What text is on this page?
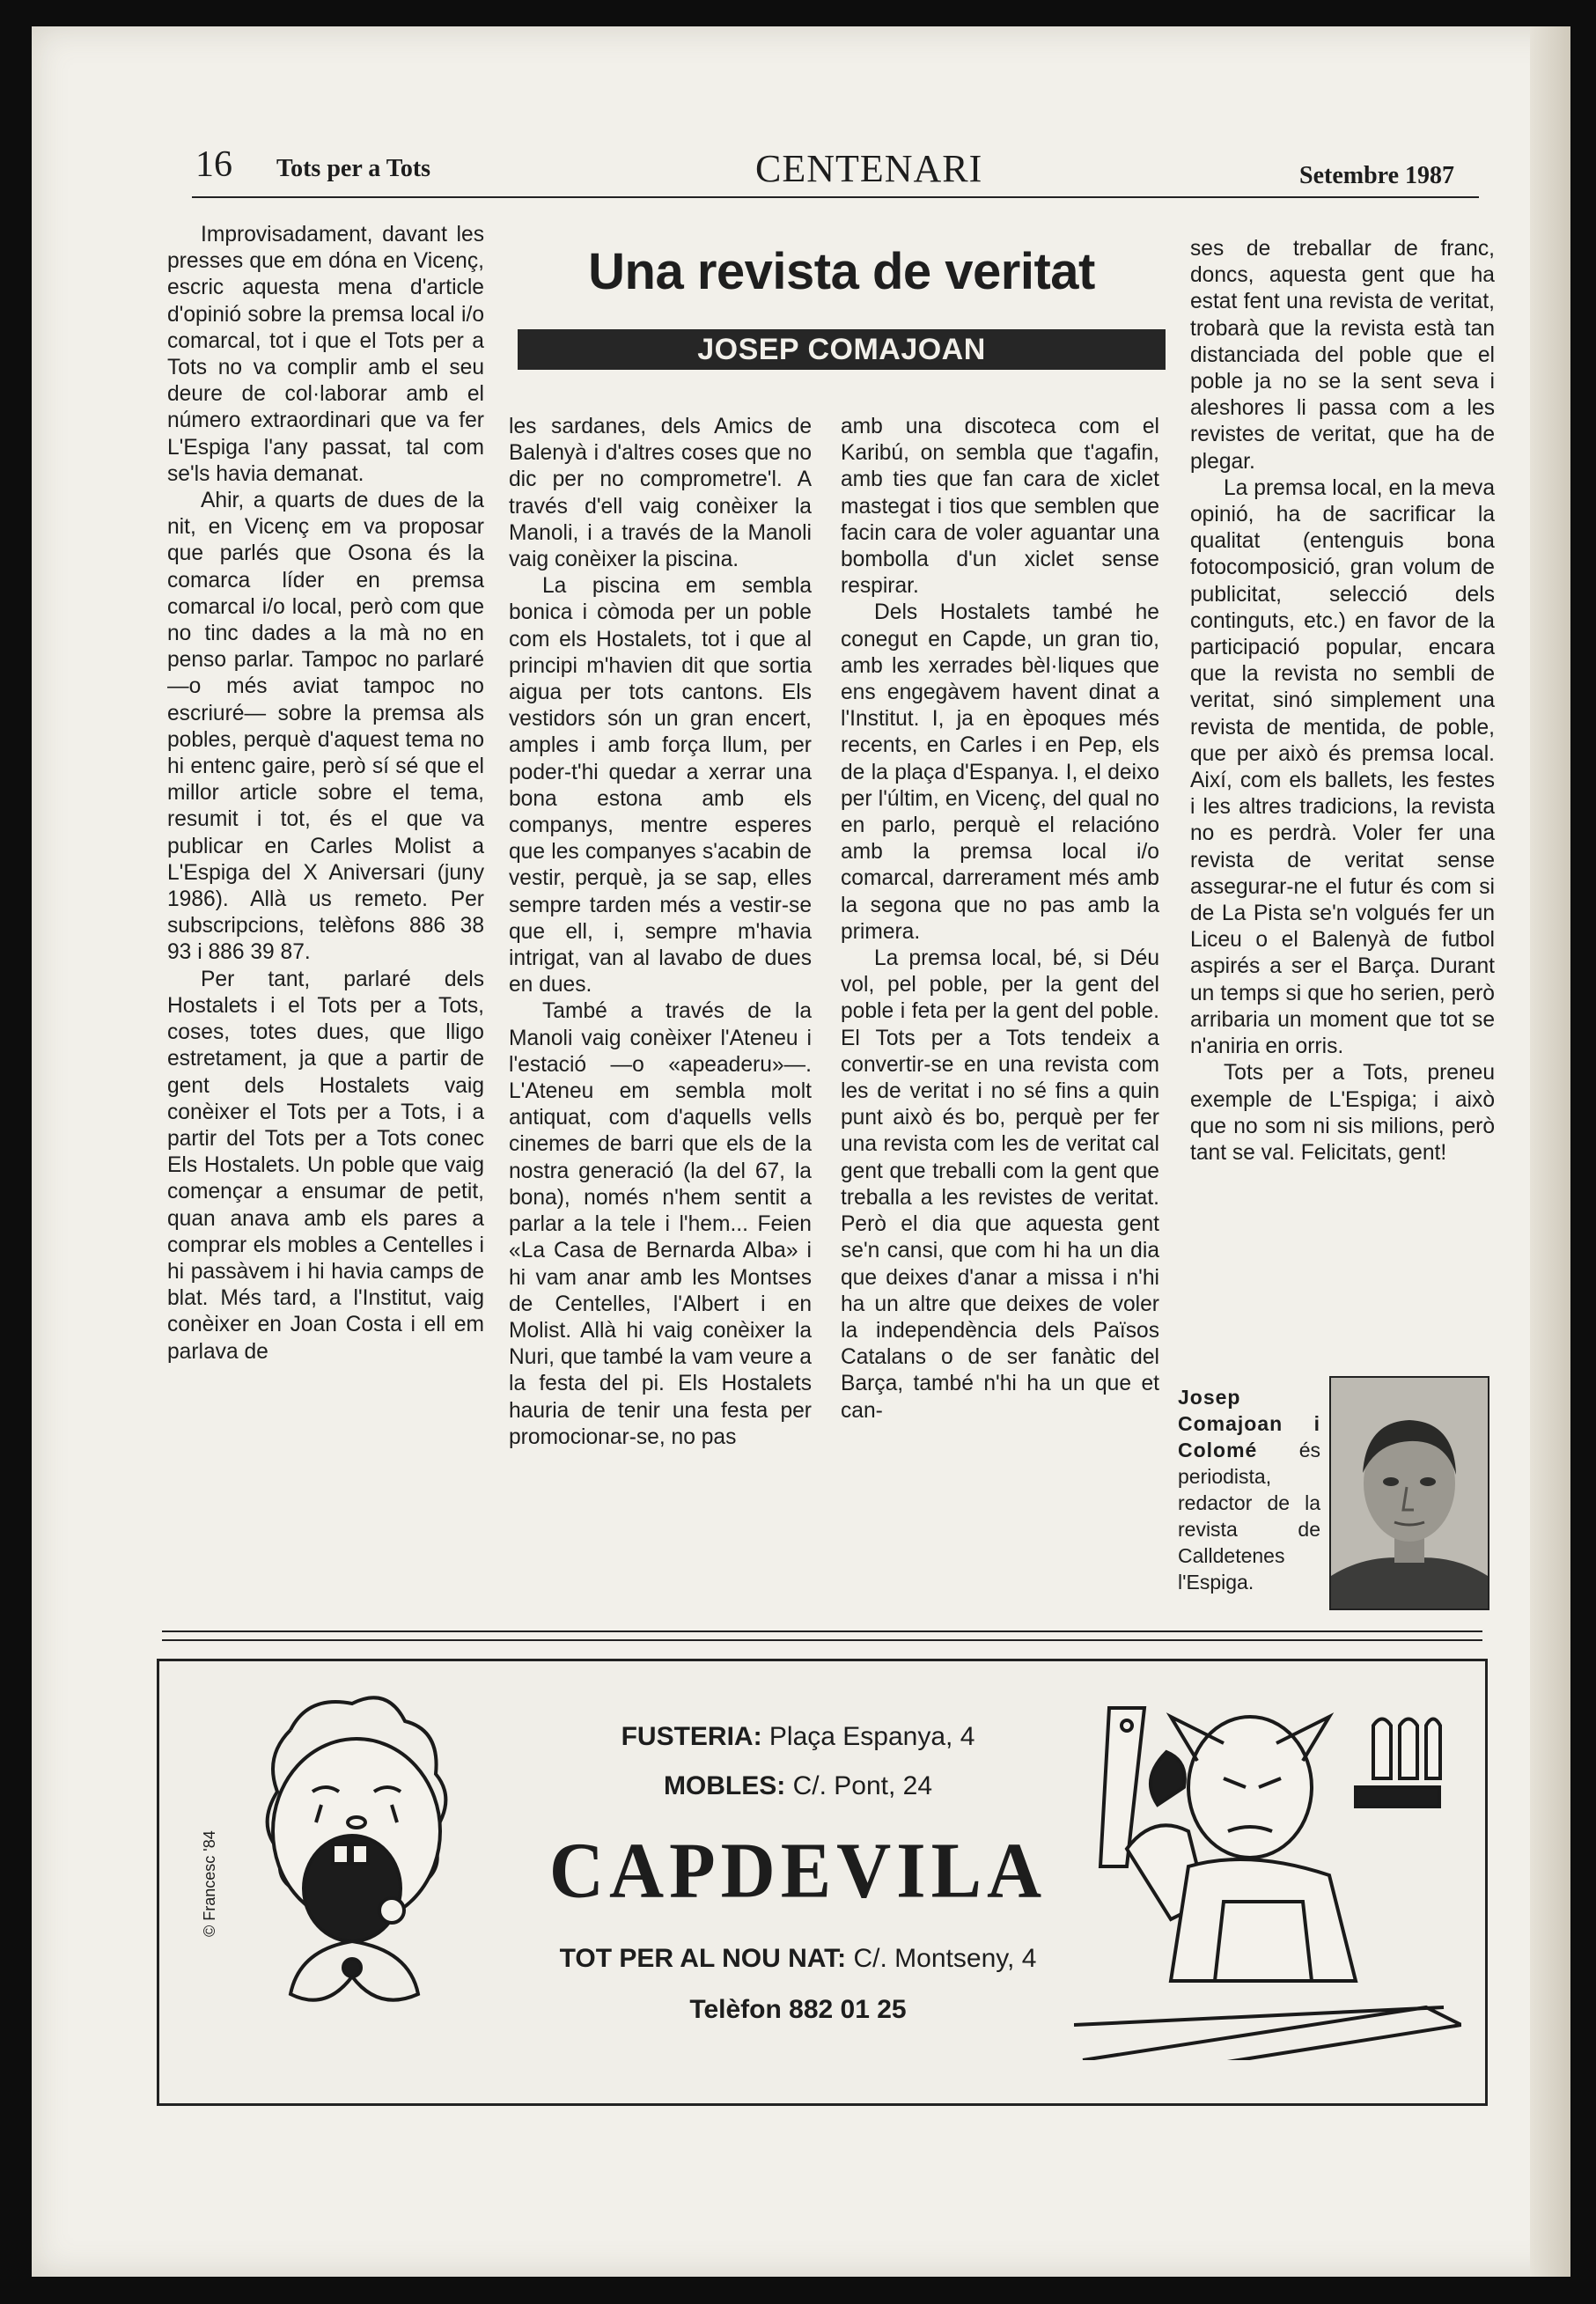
16 Tots per a Tots	CENTENARI	Setembre 1987
Una revista de veritat
JOSEP COMAJOAN

Improvisadament, davant les presses que em dóna en Vicenç, escric aquesta mena d'article d'opinió sobre la premsa local i/o comarcal, tot i que el Tots per a Tots no va complir amb el seu deure de col·laborar amb el número extraordinari que va fer L'Espiga l'any passat, tal com se'ls havia demanat.

Ahir, a quarts de dues de la nit, en Vicenç em va proposar que parlés que Osona és la comarca líder en premsa comarcal i/o local, però com que no tinc dades a la mà no en penso parlar. Tampoc no parlaré —o més aviat tampoc no escriuré— sobre la premsa als pobles, perquè d'aquest tema no hi entenc gaire, però sí sé que el millor article sobre el tema, resumit i tot, és el que va publicar en Carles Molist a L'Espiga del X Aniversari (juny 1986). Allà us remeto. Per subscripcions, telèfons 886 38 93 i 886 39 87.

Per tant, parlaré dels Hostalets i el Tots per a Tots, coses, totes dues, que lligo estretament, ja que a partir de gent dels Hostalets vaig conèixer el Tots per a Tots, i a partir del Tots per a Tots conec Els Hostalets. Un poble que vaig començar a ensumar de petit, quan anava amb els pares a comprar els mobles a Centelles i hi passàvem i hi havia camps de blat. Més tard, a l'Institut, vaig conèixer en Joan Costa i ell em parlava de

les sardanes, dels Amics de Balenyà i d'altres coses que no dic per no comprometre'l. A través d'ell vaig conèixer la Manoli, i a través de la Manoli vaig conèixer la piscina.

La piscina em sembla bonica i còmoda per un poble com els Hostalets, tot i que al principi m'havien dit que sortia aigua per tots cantons. Els vestidors són un gran encert, amples i amb força llum, per poder-t'hi quedar a xerrar una bona estona amb els companys, mentre esperes que les companyes s'acabin de vestir, perquè, ja se sap, elles sempre tarden més a vestir-se que ell, i, sempre m'havia intrigat, van al lavabo de dues en dues.

També a través de la Manoli vaig conèixer l'Ateneu i l'estació —o «apeaderu»—. L'Ateneu em sembla molt antiquat, com d'aquells vells cinemes de barri que els de la nostra generació (la del 67, la bona), només n'hem sentit a parlar a la tele i l'hem... Feien «La Casa de Bernarda Alba» i hi vam anar amb les Montses de Centelles, l'Albert i en Molist. Allà hi vaig conèixer la Nuri, que també la vam veure a la festa del pi. Els Hostalets hauria de tenir una festa per promocionar-se, no pas

amb una discoteca com el Karibú, on sembla que t'agafin, amb ties que fan cara de xiclet mastegat i tios que semblen que facin cara de voler aguantar una bombolla d'un xiclet sense respirar.

Dels Hostalets també he conegut en Capde, un gran tio, amb les xerrades bèl·liques que ens engegàvem havent dinat a l'Institut. I, ja en èpoques més recents, en Carles i en Pep, els de la plaça d'Espanya. I, el deixo per l'últim, en Vicenç, del qual no en parlo, perquè el relacióno amb la premsa local i/o comarcal, darrerament més amb la segona que no pas amb la primera.

La premsa local, bé, si Déu vol, pel poble, per la gent del poble i feta per la gent del poble. El Tots per a Tots tendeix a convertir-se en una revista com les de veritat i no sé fins a quin punt això és bo, perquè per fer una revista com les de veritat cal gent que treballi com la gent que treballa a les revistes de veritat. Però el dia que aquesta gent se'n cansi, que com hi ha un dia que deixes d'anar a missa i n'hi ha un altre que deixes de voler la independència dels Països Catalans o de ser fanàtic del Barça, també n'hi ha un que et can-

ses de treballar de franc, doncs, aquesta gent que ha estat fent una revista de veritat, trobarà que la revista està tan distanciada del poble que el poble ja no se la sent seva i aleshores li passa com a les revistes de veritat, que ha de plegar.

La premsa local, en la meva opinió, ha de sacrificar la qualitat (entenguis bona fotocomposició, gran volum de publicitat, selecció dels continguts, etc.) en favor de la participació popular, encara que la revista no sembli de veritat, sinó simplement una revista de mentida, de poble, que per això és premsa local. Així, com els ballets, les festes i les altres tradicions, la revista no es perdrà. Voler fer una revista de veritat sense assegurar-ne el futur és com si de La Pista se'n volgués fer un Liceu o el Balenyà de futbol aspirés a ser el Barça. Durant un temps si que ho serien, però arribaria un moment que tot se n'aniria en orris.

Tots per a Tots, preneu exemple de L'Espiga; i això que no som ni sis milions, però tant se val. Felicitats, gent!

Josep Comajoan i Colomé és periodista, redactor de la revista de Calldetenes l'Espiga.
FUSTERIA: Plaça Espanya, 4
MOBLES: C/. Pont, 24
CAPDEVILA
TOT PER AL NOU NAT: C/. Montseny, 4
Telèfon 882 01 25
© Francesc '84
